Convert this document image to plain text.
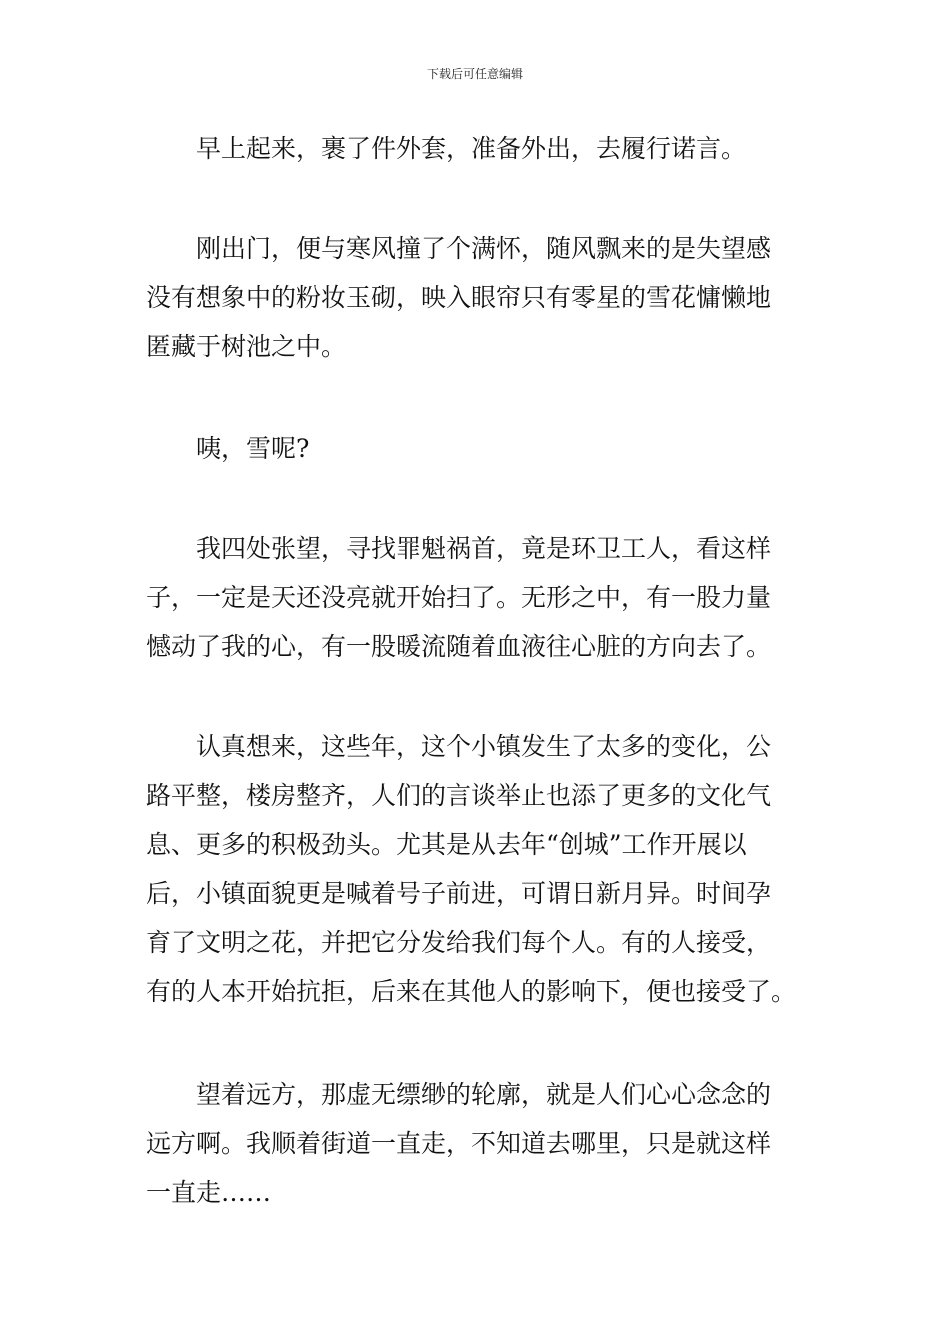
下载后可任意编辑

早上起来，裹了件外套，准备外出，去履行诺言。

刚出门，便与寒风撞了个满怀，随风飘来的是失望感
没有想象中的粉妆玉砌，映入眼帘只有零星的雪花慵懒地
匿藏于树池之中。

咦，雪呢?

我四处张望，寻找罪魁祸首，竟是环卫工人，看这样
子，一定是天还没亮就开始扫了。无形之中，有一股力量
憾动了我的心，有一股暖流随着血液往心脏的方向去了。

认真想来，这些年，这个小镇发生了太多的变化，公
路平整，楼房整齐，人们的言谈举止也添了更多的文化气
息、更多的积极劲头。尤其是从去年“创城”工作开展以
后，小镇面貌更是喊着号子前进，可谓日新月异。时间孕
育了文明之花，并把它分发给我们每个人。有的人接受，
有的人本开始抗拒，后来在其他人的影响下，便也接受了。

望着远方，那虚无缥缈的轮廓，就是人们心心念念的
远方啊。我顺着街道一直走，不知道去哪里，只是就这样
一直走……
